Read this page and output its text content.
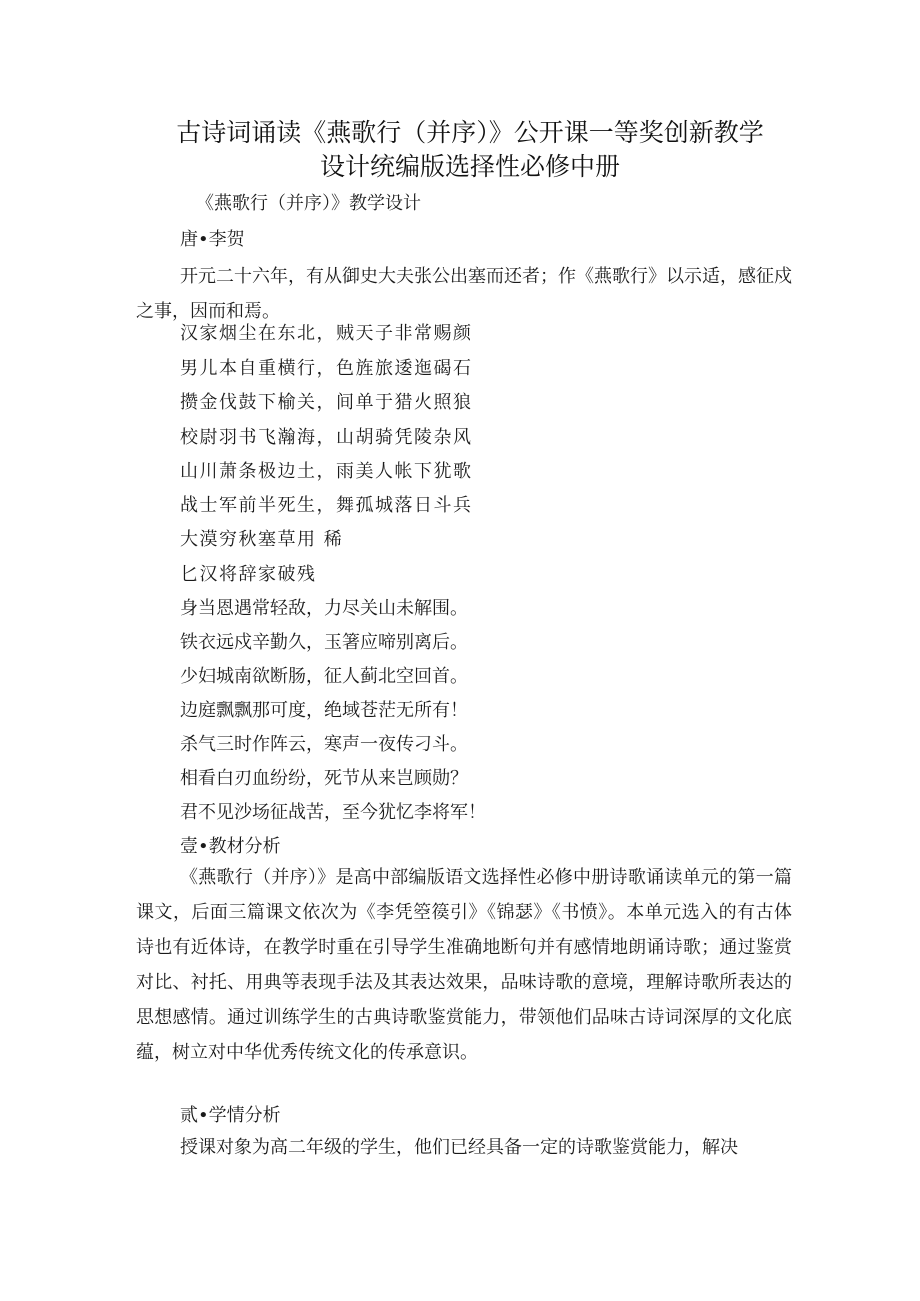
古诗词诵读《燕歌行（并序）》公开课一等奖创新教学
设计统编版选择性必修中册
《燕歌行（并序）》教学设计
唐•李贺

开元二十六年，有从御史大夫张公出塞而还者；作《燕歌行》以示适，感征戍之事，因而和焉。

汉家烟尘在东北，贼天子非常赐颜
男儿本自重横行，色旌旅逶迤碣石
攒金伐鼓下榆关，间单于猎火照狼
校尉羽书飞瀚海，山胡骑凭陵杂风
山川萧条极边土，雨美人帐下犹歌
战士军前半死生，舞孤城落日斗兵
大漠穷秋塞草用 稀
匕汉将辞家破残
身当恩遇常轻敌，力尽关山未解围。
铁衣远戍辛勤久，玉箸应啼别离后。
少妇城南欲断肠，征人蓟北空回首。
边庭飘飘那可度，绝域苍茫无所有！
杀气三时作阵云，寒声一夜传刁斗。
相看白刃血纷纷，死节从来岂顾勋？
君不见沙场征战苦，至今犹忆李将军！
壹•教材分析

《燕歌行（并序）》是高中部编版语文选择性必修中册诗歌诵读单元的第一篇课文，后面三篇课文依次为《李凭箜篌引》《锦瑟》《书愤》。本单元选入的有古体诗也有近体诗，在教学时重在引导学生准确地断句并有感情地朗诵诗歌；通过鉴赏对比、衬托、用典等表现手法及其表达效果，品味诗歌的意境，理解诗歌所表达的思想感情。通过训练学生的古典诗歌鉴赏能力，带领他们品味古诗词深厚的文化底蕴，树立对中华优秀传统文化的传承意识。

贰•学情分析

授课对象为高二年级的学生，他们已经具备一定的诗歌鉴赏能力，解决
